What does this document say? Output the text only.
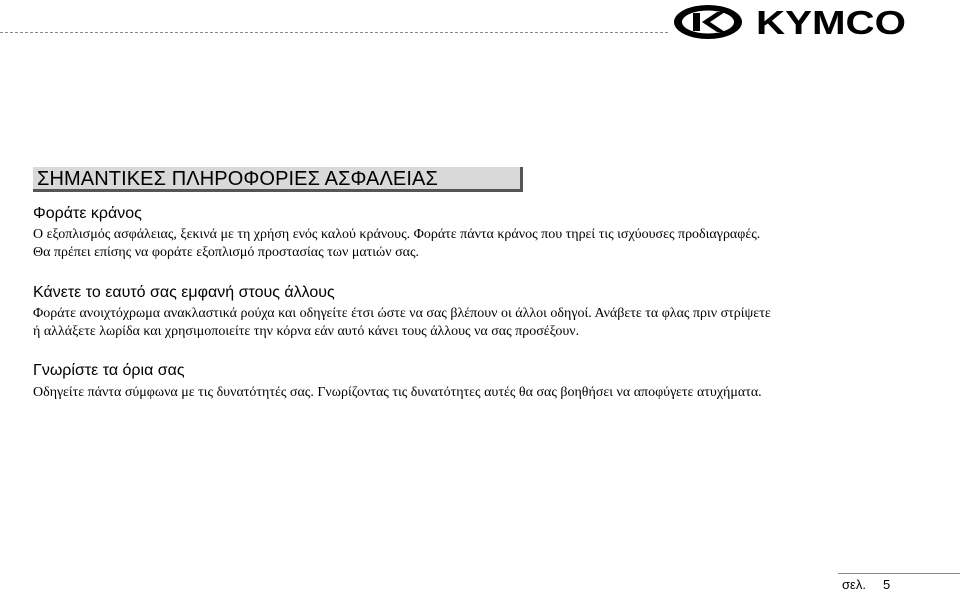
KYMCO
ΣΗΜΑΝΤΙΚΕΣ ΠΛΗΡΟΦΟΡΙΕΣ ΑΣΦΑΛΕΙΑΣ
Φοράτε κράνος
Ο εξοπλισμός ασφάλειας, ξεκινά με τη χρήση ενός καλού κράνους. Φοράτε πάντα κράνος που τηρεί τις ισχύουσες προδιαγραφές.
Θα πρέπει επίσης να φοράτε εξοπλισμό προστασίας των ματιών σας.
Κάνετε το εαυτό σας εμφανή στους άλλους
Φοράτε ανοιχτόχρωμα ανακλαστικά ρούχα και οδηγείτε έτσι ώστε να σας βλέπουν οι άλλοι οδηγοί. Ανάβετε τα φλας πριν στρίψετε
ή αλλάξετε λωρίδα και χρησιμοποιείτε την κόρνα εάν αυτό κάνει τους άλλους να σας προσέξουν.
Γνωρίστε τα όρια σας
Οδηγείτε πάντα σύμφωνα με τις δυνατότητές σας. Γνωρίζοντας τις δυνατότητες αυτές θα σας βοηθήσει να αποφύγετε ατυχήματα.
σελ. 5
